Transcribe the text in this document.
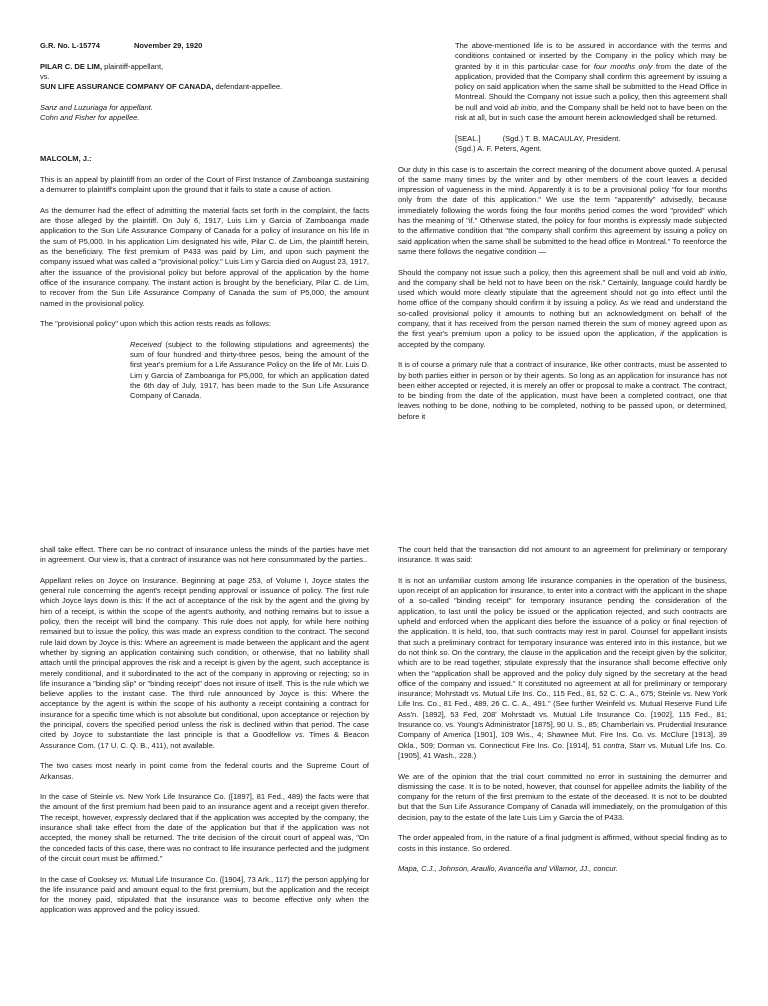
G.R. No. L-15774	November 29, 1920

PILAR C. DE LIM, plaintiff-appellant,

vs.

SUN LIFE ASSURANCE COMPANY OF CANADA, defendant-appellee.

Sanz and Luzuriaga for appellant.

Cohn and Fisher for appellee.

MALCOLM, J.:

This is an appeal by plaintiff from an order of the Court of First Instance of Zamboanga sustaining a demurrer to plaintiff's complaint upon the ground that it fails to state a cause of action.

As the demurrer had the effect of admitting the material facts set forth in the complaint, the facts are those alleged by the plaintiff. On July 6, 1917, Luis Lim y Garcia of Zamboanga made application to the Sun Life Assurance Company of Canada for a policy of insurance on his life in the sum of P5,000. In his application Lim designated his wife, Pilar C. de Lim, the plaintiff herein, as the beneficiary. The first premium of P433 was paid by Lim, and upon such payment the company issued what was called a "provisional policy." Luis Lim y Garcia died on August 23, 1917, after the issuance of the provisional policy but before approval of the application by the home office of the insurance company. The instant action is brought by the beneficiary, Pilar C. de Lim, to recover from the Sun Life Assurance Company of Canada the sum of P5,000, the amount named in the provisional policy.

The "provisional policy" upon which this action rests reads as follows:

Received (subject to the following stipulations and agreements) the sum of four hundred and thirty-three pesos, being the amount of the first year's premium for a Life Assurance Policy on the life of Mr. Luis D. Lim y Garcia of Zamboanga for P5,000, for which an application dated the 6th day of July, 1917, has been made to the Sun Life Assurance Company of Canada.

The above-mentioned life is to be assured in accordance with the terms and conditions contained or inserted by the Company in the policy which may be granted by it in this particular case for four months only from the date of the application, provided that the Company shall confirm this agreement by issuing a policy on said application when the same shall be submitted to the Head Office in Montreal. Should the Company not issue such a policy, then this agreement shall be null and void ab initio, and the Company shall be held not to have been on the risk at all, but in such case the amount herein acknowledged shall be returned.

[SEAL.]	(Sgd.) T. B. MACAULAY, President.
(Sgd.) A. F. Peters, Agent.

Our duty in this case is to ascertain the correct meaning of the document above quoted. A perusal of the same many times by the writer and by other members of the court leaves a decided impression of vagueness in the mind. Apparently it is to be a provisional policy "for four months only from the date of this application." We use the term "apparently" advisedly, because immediately following the words fixing the four months period comes the word "provided" which has the meaning of "if." Otherwise stated, the policy for four months is expressly made subjected to the affirmative condition that "the company shall confirm this agreement by issuing a policy on said application when the same shall be submitted to the head office in Montreal." To reenforce the same there follows the negative condition —

Should the company not issue such a policy, then this agreement shall be null and void ab initio, and the company shall be held not to have been on the risk." Certainly, language could hardly be used which would more clearly stipulate that the agreement should not go into effect until the home office of the company should confirm it by issuing a policy. As we read and understand the so-called provisional policy it amounts to nothing but an acknowledgment on behalf of the company, that it has received from the person named therein the sum of money agreed upon as the first year's premium upon a policy to be issued upon the application, if the application is accepted by the company.

It is of course a primary rule that a contract of insurance, like other contracts, must be assented to by both parties either in person or by their agents. So long as an application for insurance has not been either accepted or rejected, it is merely an offer or proposal to make a contract. The contract, to be binding from the date of the application, must have been a completed contract, one that leaves nothing to be done, nothing to be completed, nothing to be passed upon, or determined, before it

shall take effect. There can be no contract of insurance unless the minds of the parties have met in agreement. Our view is, that a contract of insurance was not here consummated by the parties..

Appellant relies on Joyce on Insurance. Beginning at page 253, of Volume I, Joyce states the general rule concerning the agent's receipt pending approval or issuance of policy. The first rule which Joyce lays down is this: If the act of acceptance of the risk by the agent and the giving by him of a receipt, is within the scope of the agent's authority, and nothing remains but to issue a policy, then the receipt will bind the company. This rule does not apply, for while here nothing remained but to issue the policy, this was made an express condition to the contract. The second rule laid down by Joyce is this: Where an agreement is made between the applicant and the agent whether by signing an application containing such condition, or otherwise, that no liability shall attach until the principal approves the risk and a receipt is given by the agent, such acceptance is merely conditional, and it subordinated to the act of the company in approving or rejecting; so in life insurance a "binding slip" or "binding receipt" does not insure of itself. This is the rule which we believe applies to the instant case. The third rule announced by Joyce is this: Where the acceptance by the agent is within the scope of his authority a receipt containing a contract for insurance for a specific time which is not absolute but conditional, upon acceptance or rejection by the principal, covers the specified period unless the risk is declined within that period. The case cited by Joyce to substantiate the last principle is that a Goodfellow vs. Times & Beacon Assurance Com. (17 U. C. Q. B., 411), not available.

The two cases most nearly in point come from the federal courts and the Supreme Court of Arkansas.

In the case of Steinle vs. New York Life Insurance Co. ([1897], 81 Fed., 489) the facts were that the amount of the first premium had been paid to an insurance agent and a receipt given therefor. The receipt, however, expressly declared that if the application was accepted by the company, the insurance shall take effect from the date of the application but that if the application was not accepted, the money shall be returned. The trite decision of the circuit court of appeal was, "On the conceded facts of this case, there was no contract to life insurance perfected and the judgment of the circuit court must be affirmed."

In the case of Cooksey vs. Mutual Life Insurance Co. ([1904], 73 Ark., 117) the person applying for the life insurance paid and amount equal to the first premium, but the application and the receipt for the money paid, stipulated that the insurance was to become effective only when the application was approved and the policy issued.

The court held that the transaction did not amount to an agreement for preliminary or temporary insurance. It was said:

It is not an unfamiliar custom among life insurance companies in the operation of the business, upon receipt of an application for insurance, to enter into a contract with the applicant in the shape of a so-called "binding receipt" for temporary insurance pending the consideration of the application, to last until the policy be issued or the application rejected, and such contracts are upheld and enforced when the applicant dies before the issuance of a policy or final rejection of the application. It is held, too, that such contracts may rest in parol. Counsel for appellant insists that such a preliminary contract for temporary insurance was entered into in this instance, but we do not think so. On the contrary, the clause in the application and the receipt given by the solicitor, which are to be read together, stipulate expressly that the insurance shall become effective only when the "application shall be approved and the policy duly signed by the secretary at the head office of the company and issued." It constituted no agreement at all for preliminary or temporary insurance; Mohrstadt vs. Mutual Life Ins. Co., 115 Fed., 81, 52 C. C. A., 675; Steinle vs. New York Life Ins. Co., 81 Fed., 489, 26 C. C. A., 491." (See further Weinfeld vs. Mutual Reserve Fund Life Ass'n. [1892], 53 Fed, 208' Mohrstadt vs. Mutual Life Insurance Co. [1902], 115 Fed., 81; Insurance co. vs. Young's Administrator [1875], 90 U. S., 85; Chamberlain vs. Prudential Insurance Company of America [1901], 109 Wis., 4; Shawnee Mut. Fire Ins. Co. vs. McClure [1913], 39 Okla., 509; Dorman vs. Connecticut Fire Ins. Co. [1914], 51 contra, Starr vs. Mutual Life Ins. Co. [1905], 41 Wash., 228.)

We are of the opinion that the trial court committed no error in sustaining the demurrer and dismissing the case. It is to be noted, however, that counsel for appellee admits the liability of the company for the return of the first premium to the estate of the deceased. It is not to be doubted but that the Sun Life Assurance Company of Canada will immediately, on the promulgation of this decision, pay to the estate of the late Luis Lim y Garcia the of P433.

The order appealed from, in the nature of a final judgment is affirmed, without special finding as to costs in this instance. So ordered.

Mapa, C.J., Johnson, Araullo, Avanceña and Villamor, JJ., concur.
